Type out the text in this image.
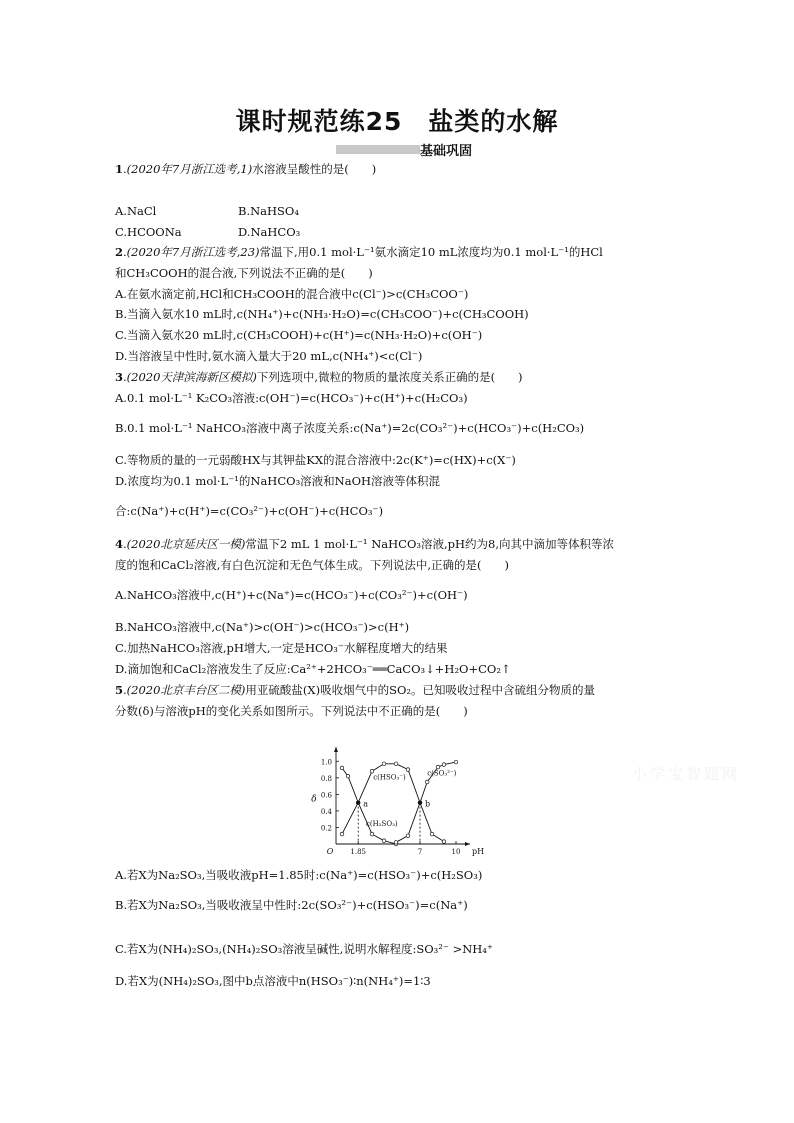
课时规范练25　盐类的水解
基础巩固
1.(2020年7月浙江选考,1)水溶液呈酸性的是(　　)
A.NaCl	B.NaHSO₄
C.HCOONa	D.NaHCO₃
2.(2020年7月浙江选考,23)常温下,用0.1 mol·L⁻¹氨水滴定10 mL浓度均为0.1 mol·L⁻¹的HCl
和CH₃COOH的混合液,下列说法不正确的是(　　)
A.在氨水滴定前,HCl和CH₃COOH的混合液中c(Cl⁻)>c(CH₃COO⁻)
B.当滴入氨水10 mL时,c(NH₄⁺)+c(NH₃·H₂O)=c(CH₃COO⁻)+c(CH₃COOH)
C.当滴入氨水20 mL时,c(CH₃COOH)+c(H⁺)=c(NH₃·H₂O)+c(OH⁻)
D.当溶液呈中性时,氨水滴入量大于20 mL,c(NH₄⁺)<c(Cl⁻)
3.(2020天津滨海新区模拟)下列选项中,微粒的物质的量浓度关系正确的是(　　)
A.0.1 mol·L⁻¹ K₂CO₃溶液:c(OH⁻)=c(HCO₃⁻)+c(H⁺)+c(H₂CO₃)
B.0.1 mol·L⁻¹ NaHCO₃溶液中离子浓度关系:c(Na⁺)=2c(CO₃²⁻)+c(HCO₃⁻)+c(H₂CO₃)
C.等物质的量的一元弱酸HX与其钾盐KX的混合溶液中:2c(K⁺)=c(HX)+c(X⁻)
D.浓度均为0.1 mol·L⁻¹的NaHCO₃溶液和NaOH溶液等体积混
合:c(Na⁺)+c(H⁺)=c(CO₃²⁻)+c(OH⁻)+c(HCO₃⁻)
4.(2020北京延庆区一模)常温下2 mL 1 mol·L⁻¹ NaHCO₃溶液,pH约为8,向其中滴加等体积等浓
度的饱和CaCl₂溶液,有白色沉淀和无色气体生成。下列说法中,正确的是(　　)
A.NaHCO₃溶液中,c(H⁺)+c(Na⁺)=c(HCO₃⁻)+c(CO₃²⁻)+c(OH⁻)
B.NaHCO₃溶液中,c(Na⁺)>c(OH⁻)>c(HCO₃⁻)>c(H⁺)
C.加热NaHCO₃溶液,pH增大,一定是HCO₃⁻水解程度增大的结果
D.滴加饱和CaCl₂溶液发生了反应:Ca²⁺+2HCO₃⁻══CaCO₃↓+H₂O+CO₂↑
5.(2020北京丰台区二模)用亚硫酸盐(X)吸收烟气中的SO₂。已知吸收过程中含硫组分物质的量
分数(δ)与溶液pH的变化关系如图所示。下列说法中不正确的是(　　)
O
δ
pH
0.2
0.4
0.6
0.8
1.0
1.85	7	10
a	b
c(HSO₃⁻)
c(H₂SO₃)
c(SO₃²⁻)	小学宝智题网
A.若X为Na₂SO₃,当吸收液pH=1.85时:c(Na⁺)=c(HSO₃⁻)+c(H₂SO₃)
B.若X为Na₂SO₃,当吸收液呈中性时:2c(SO₃²⁻)+c(HSO₃⁻)=c(Na⁺)
C.若X为(NH₄)₂SO₃,(NH₄)₂SO₃溶液呈碱性,说明水解程度:SO₃²⁻ >NH₄⁺
D.若X为(NH₄)₂SO₃,图中b点溶液中n(HSO₃⁻)∶n(NH₄⁺)=1∶3
